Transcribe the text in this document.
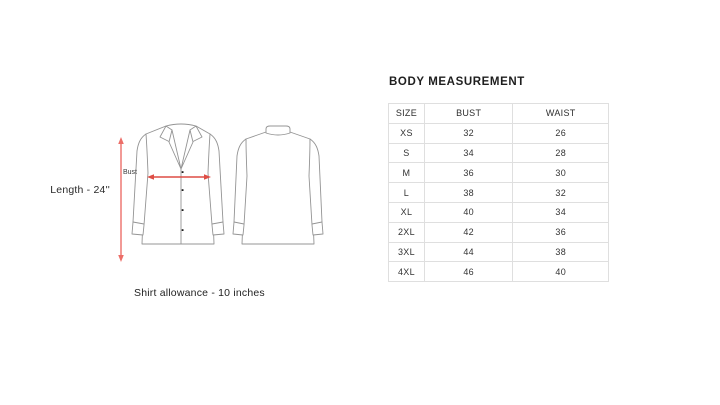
Length - 24''
Bust
Shirt allowance - 10 inches
BODY MEASUREMENT
SIZE	BUST	WAIST
XS	32	26
S	34	28
M	36	30
L	38	32
XL	40	34
2XL	42	36
3XL	44	38
4XL	46	40
